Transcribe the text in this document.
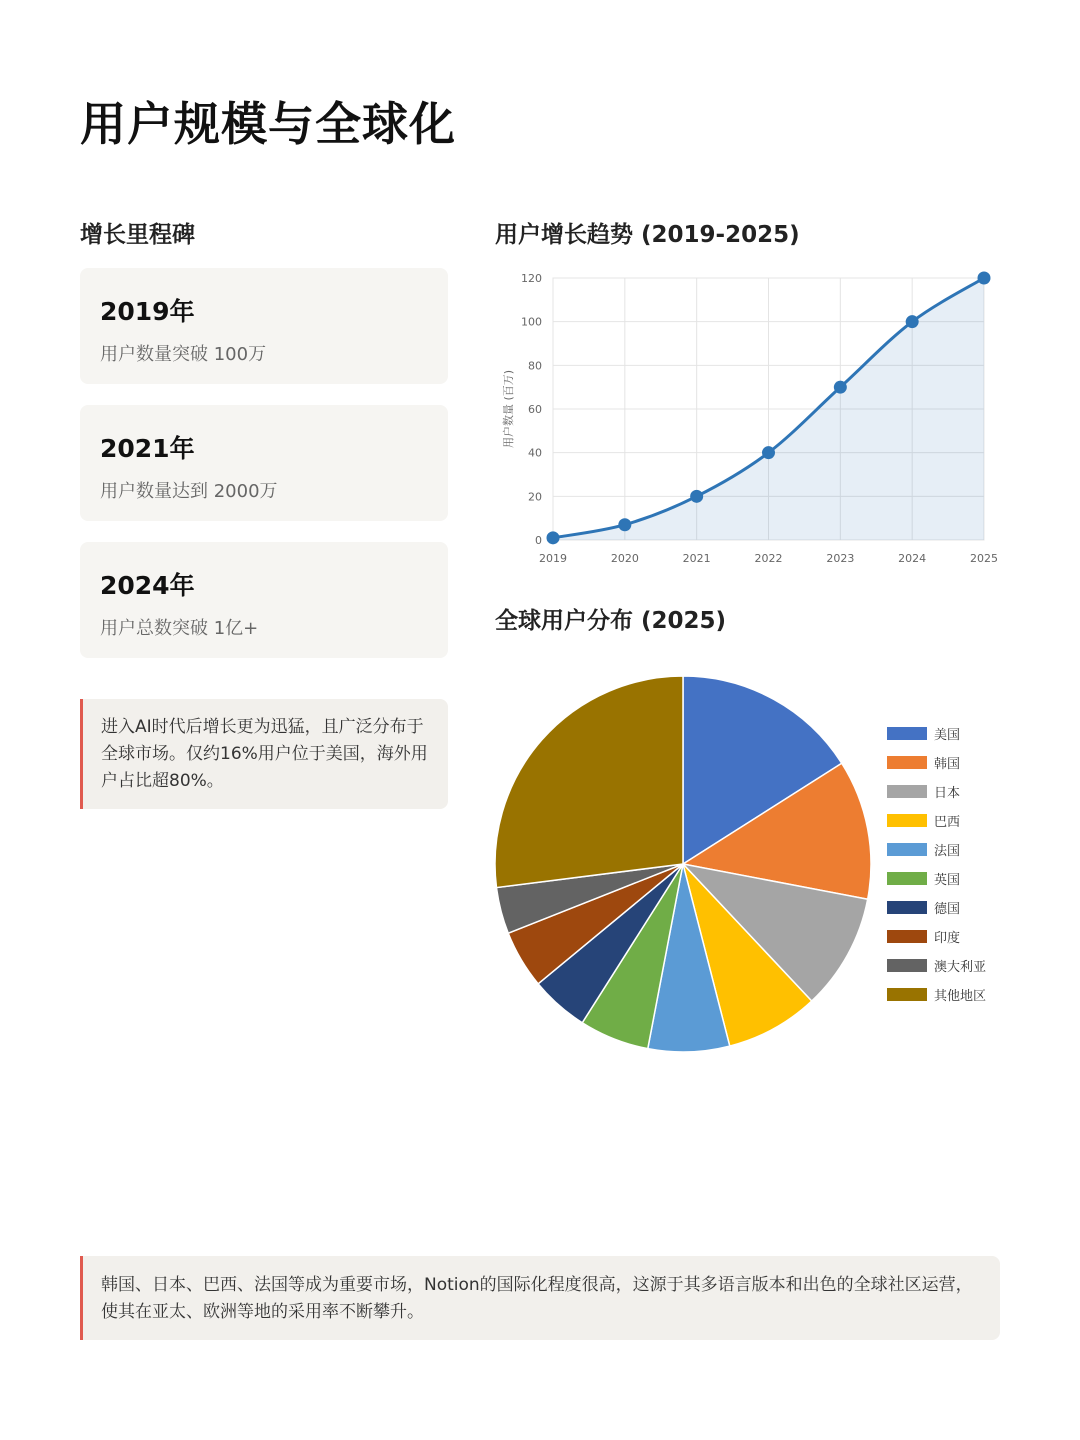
用户规模与全球化
增长里程碑
2019年
用户数量突破 100万
2021年
用户数量达到 2000万
2024年
用户总数突破 1亿+
进入AI时代后增长更为迅猛，且广泛分布于全球市场。仅约16%用户位于美国，海外用户占比超80%。
用户增长趋势 (2019-2025)
0
20
40
60
80
100
120
2019	2020	2021	2022	2023	2024	2025
用户数量 (百万)
全球用户分布 (2025)
美国
韩国
日本
巴西
法国
英国
德国
印度
澳大利亚
其他地区
韩国、日本、巴西、法国等成为重要市场，Notion的国际化程度很高，这源于其多语言版本和出色的全球社区运营，使其在亚太、欧洲等地的采用率不断攀升。
